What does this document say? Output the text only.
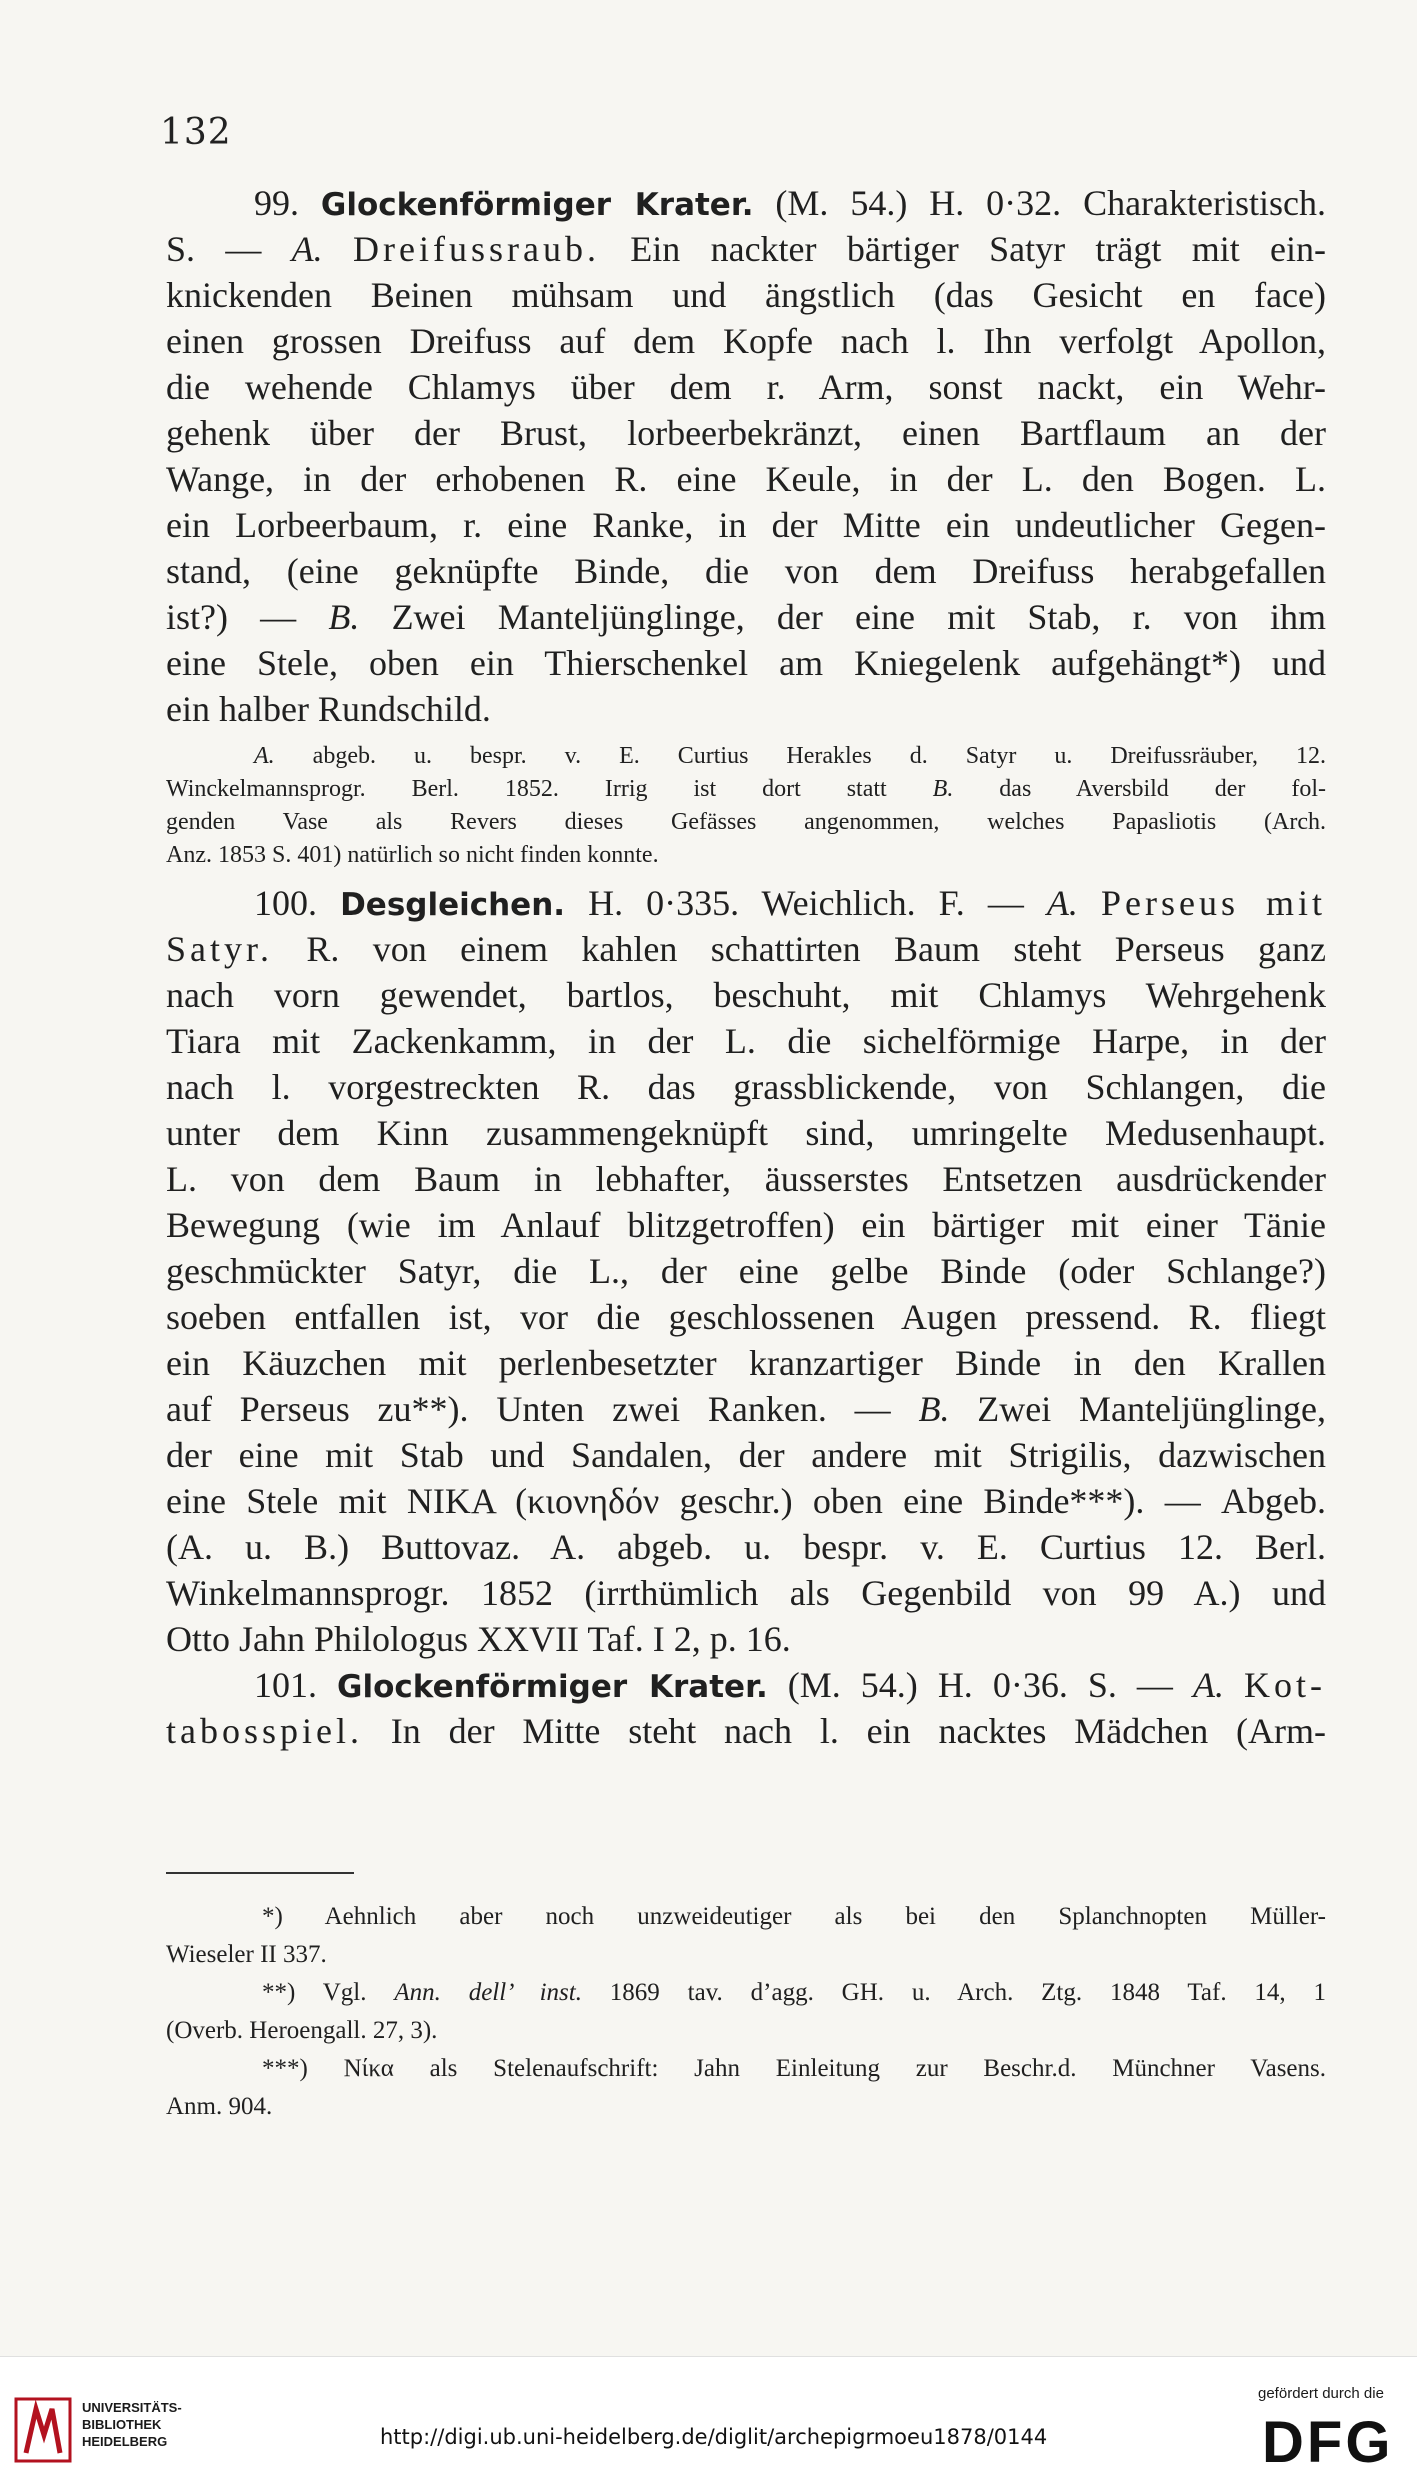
132
99. Glockenförmiger Krater. (M. 54.) H. 0·32. Charakteristisch.
S. — A. Dreifussraub. Ein nackter bärtiger Satyr trägt mit ein-
knickenden Beinen mühsam und ängstlich (das Gesicht en face)
einen grossen Dreifuss auf dem Kopfe nach l. Ihn verfolgt Apollon,
die wehende Chlamys über dem r. Arm, sonst nackt, ein Wehr-
gehenk über der Brust, lorbeerbekränzt, einen Bartflaum an der
Wange, in der erhobenen R. eine Keule, in der L. den Bogen. L.
ein Lorbeerbaum, r. eine Ranke, in der Mitte ein undeutlicher Gegen-
stand, (eine geknüpfte Binde, die von dem Dreifuss herabgefallen
ist?) — B. Zwei Manteljünglinge, der eine mit Stab, r. von ihm
eine Stele, oben ein Thierschenkel am Kniegelenk aufgehängt*) und
ein halber Rundschild.
A. abgeb. u. bespr. v. E. Curtius Herakles d. Satyr u. Dreifussräuber, 12.
Winckelmannsprogr. Berl. 1852. Irrig ist dort statt B. das Aversbild der fol-
genden Vase als Revers dieses Gefässes angenommen, welches Papasliotis (Arch.
Anz. 1853 S. 401) natürlich so nicht finden konnte.
100. Desgleichen. H. 0·335. Weichlich. F. — A. Perseus mit
Satyr. R. von einem kahlen schattirten Baum steht Perseus ganz
nach vorn gewendet, bartlos, beschuht, mit Chlamys Wehrgehenk
Tiara mit Zackenkamm, in der L. die sichelförmige Harpe, in der
nach l. vorgestreckten R. das grassblickende, von Schlangen, die
unter dem Kinn zusammengeknüpft sind, umringelte Medusenhaupt.
L. von dem Baum in lebhafter, äusserstes Entsetzen ausdrückender
Bewegung (wie im Anlauf blitzgetroffen) ein bärtiger mit einer Tänie
geschmückter Satyr, die L., der eine gelbe Binde (oder Schlange?)
soeben entfallen ist, vor die geschlossenen Augen pressend. R. fliegt
ein Käuzchen mit perlenbesetzter kranzartiger Binde in den Krallen
auf Perseus zu**). Unten zwei Ranken. — B. Zwei Manteljünglinge,
der eine mit Stab und Sandalen, der andere mit Strigilis, dazwischen
eine Stele mit ΝΙΚΑ (κιονηδόν geschr.) oben eine Binde***). — Abgeb.
(A. u. B.) Buttovaz. A. abgeb. u. bespr. v. E. Curtius 12. Berl.
Winkelmannsprogr. 1852 (irrthümlich als Gegenbild von 99 A.) und
Otto Jahn Philologus XXVII Taf. I 2, p. 16.
101. Glockenförmiger Krater. (M. 54.) H. 0·36. S. — A. Kot-
tabosspiel. In der Mitte steht nach l. ein nacktes Mädchen (Arm-
*) Aehnlich aber noch unzweideutiger als bei den Splanchnopten Müller-
Wieseler II 337.
**) Vgl. Ann. dell’ inst. 1869 tav. d’agg. GH. u. Arch. Ztg. 1848 Taf. 14, 1
(Overb. Heroengall. 27, 3).
***) Νίκα als Stelenaufschrift: Jahn Einleitung zur Beschr.d. Münchner Vasens.
Anm. 904.
UNIVERSITÄTS-
BIBLIOTHEK
HEIDELBERG	http://digi.ub.uni-heidelberg.de/diglit/archepigrmoeu1878/0144
gefördert durch die
DFG
